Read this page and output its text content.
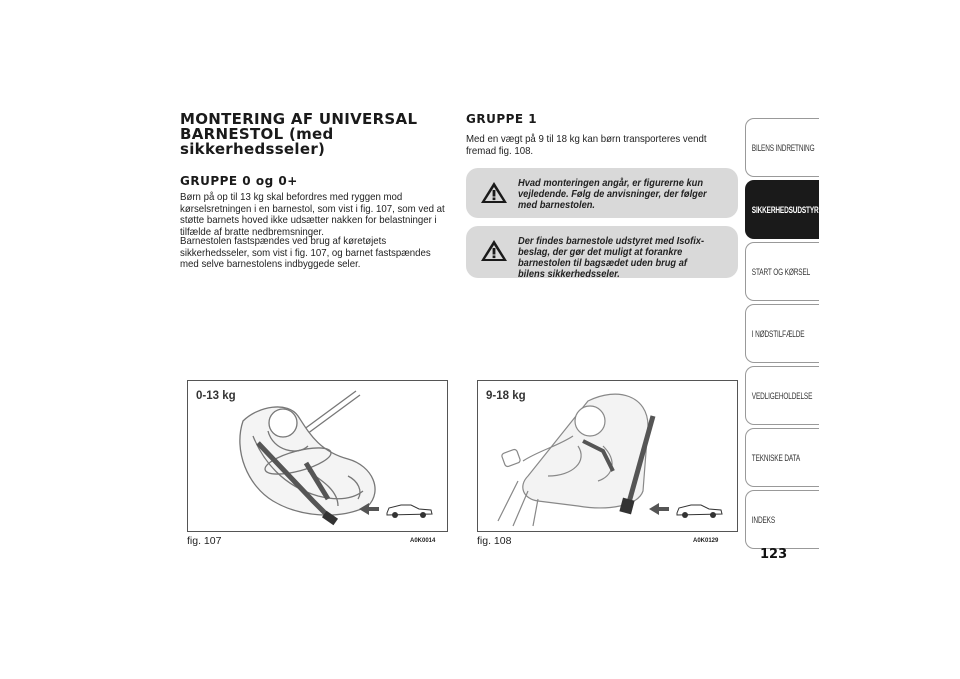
MONTERING AF UNIVERSAL
BARNESTOL (med
sikkerhedsseler)
GRUPPE 0 og 0+

Børn på op til 13 kg skal befordres med ryggen mod kørselsretningen i en barnestol, som vist i fig. 107, som ved at støtte barnets hoved ikke udsætter nakken for belastninger i tilfælde af bratte nedbremsninger.

Barnestolen fastspændes ved brug af køretøjets sikkerhedsseler, som vist i fig. 107, og barnet fastspændes med selve barnestolens indbyggede seler.

GRUPPE 1

Med en vægt på 9 til 18 kg kan børn transporteres vendt fremad fig. 108.

Hvad monteringen angår, er figurerne kun vejledende. Følg de anvisninger, der følger med barnestolen.

Der findes barnestole udstyret med Isofix-beslag, der gør det muligt at forankre barnestolen til bagsædet uden brug af bilens sikkerhedsseler.

0-13 kg
fig. 107	A0K0014
9-18 kg
fig. 108	A0K0129
BILENS INDRETNING
SIKKERHEDSUDSTYR
START OG KØRSEL
I NØDSTILFÆLDE
VEDLIGEHOLDELSE
TEKNISKE DATA
INDEKS
123
